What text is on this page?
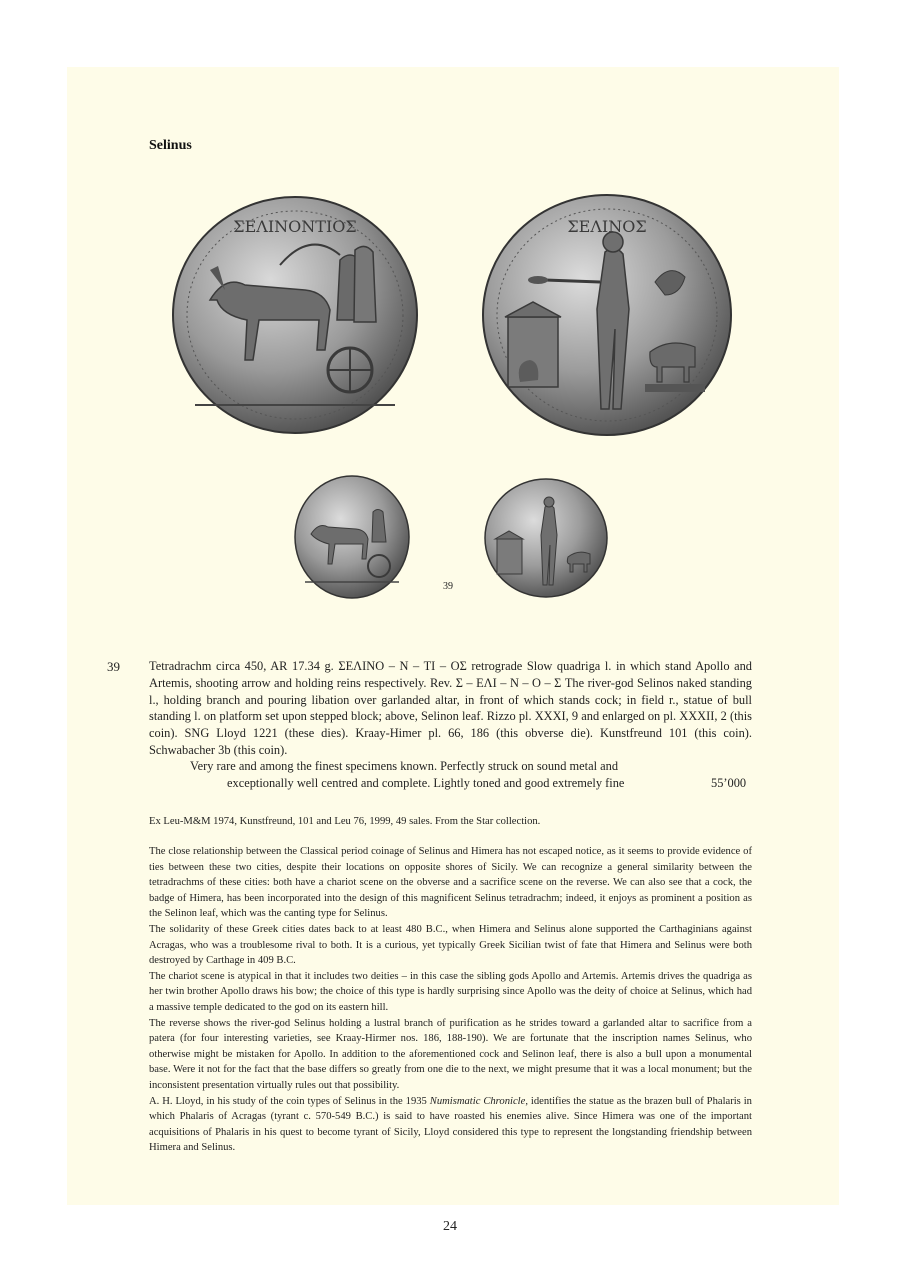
Selinus
ΣΕΛΙΝΟΝΤΙΟΣ	ΣΕΛΙΝΟΣ
39
39 Tetradrachm circa 450, AR 17.34 g. ΣΕΛΙΝΟ – Ν – ΤΙ – ΟΣ retrograde Slow quadriga l. in which stand Apollo and Artemis, shooting arrow and holding reins respectively. Rev. Σ – ΕΛΙ – Ν – Ο – Σ The river-god Selinos naked standing l., holding branch and pouring libation over garlanded altar, in front of which stands cock; in field r., statue of bull standing l. on platform set upon stepped block; above, Selinon leaf. Rizzo pl. XXXI, 9 and enlarged on pl. XXXII, 2 (this coin). SNG Lloyd 1221 (these dies). Kraay-Himer pl. 66, 186 (this obverse die). Kunstfreund 101 (this coin). Schwabacher 3b (this coin).
Very rare and among the finest specimens known. Perfectly struck on sound metal and
exceptionally well centred and complete. Lightly toned and good extremely fine	55’000
Ex Leu-M&M 1974, Kunstfreund, 101 and Leu 76, 1999, 49 sales. From the Star collection.

The close relationship between the Classical period coinage of Selinus and Himera has not escaped notice, as it seems to provide evidence of ties between these two cities, despite their locations on opposite shores of Sicily. We can recognize a general similarity between the tetradrachms of these cities: both have a chariot scene on the obverse and a sacrifice scene on the reverse. We can also see that a cock, the badge of Himera, has been incorporated into the design of this magnificent Selinus tetradrachm; indeed, it enjoys as prominent a position as the Selinon leaf, which was the canting type for Selinus.

The solidarity of these Greek cities dates back to at least 480 B.C., when Himera and Selinus alone supported the Carthaginians against Acragas, who was a troublesome rival to both. It is a curious, yet typically Greek Sicilian twist of fate that Himera and Selinus were both destroyed by Carthage in 409 B.C.

The chariot scene is atypical in that it includes two deities – in this case the sibling gods Apollo and Artemis. Artemis drives the quadriga as her twin brother Apollo draws his bow; the choice of this type is hardly surprising since Apollo was the deity of choice at Selinus, which had a massive temple dedicated to the god on its eastern hill.

The reverse shows the river-god Selinus holding a lustral branch of purification as he strides toward a garlanded altar to sacrifice from a patera (for four interesting varieties, see Kraay-Hirmer nos. 186, 188-190). We are fortunate that the inscription names Selinus, who otherwise might be mistaken for Apollo. In addition to the aforementioned cock and Selinon leaf, there is also a bull upon a monumental base. Were it not for the fact that the base differs so greatly from one die to the next, we might presume that it was a local monument; but the inconsistent presentation virtually rules out that possibility.

A. H. Lloyd, in his study of the coin types of Selinus in the 1935 Numismatic Chronicle, identifies the statue as the brazen bull of Phalaris in which Phalaris of Acragas (tyrant c. 570-549 B.C.) is said to have roasted his enemies alive. Since Himera was one of the important acquisitions of Phalaris in his quest to become tyrant of Sicily, Lloyd considered this type to represent the longstanding friendship between Himera and Selinus.

24
